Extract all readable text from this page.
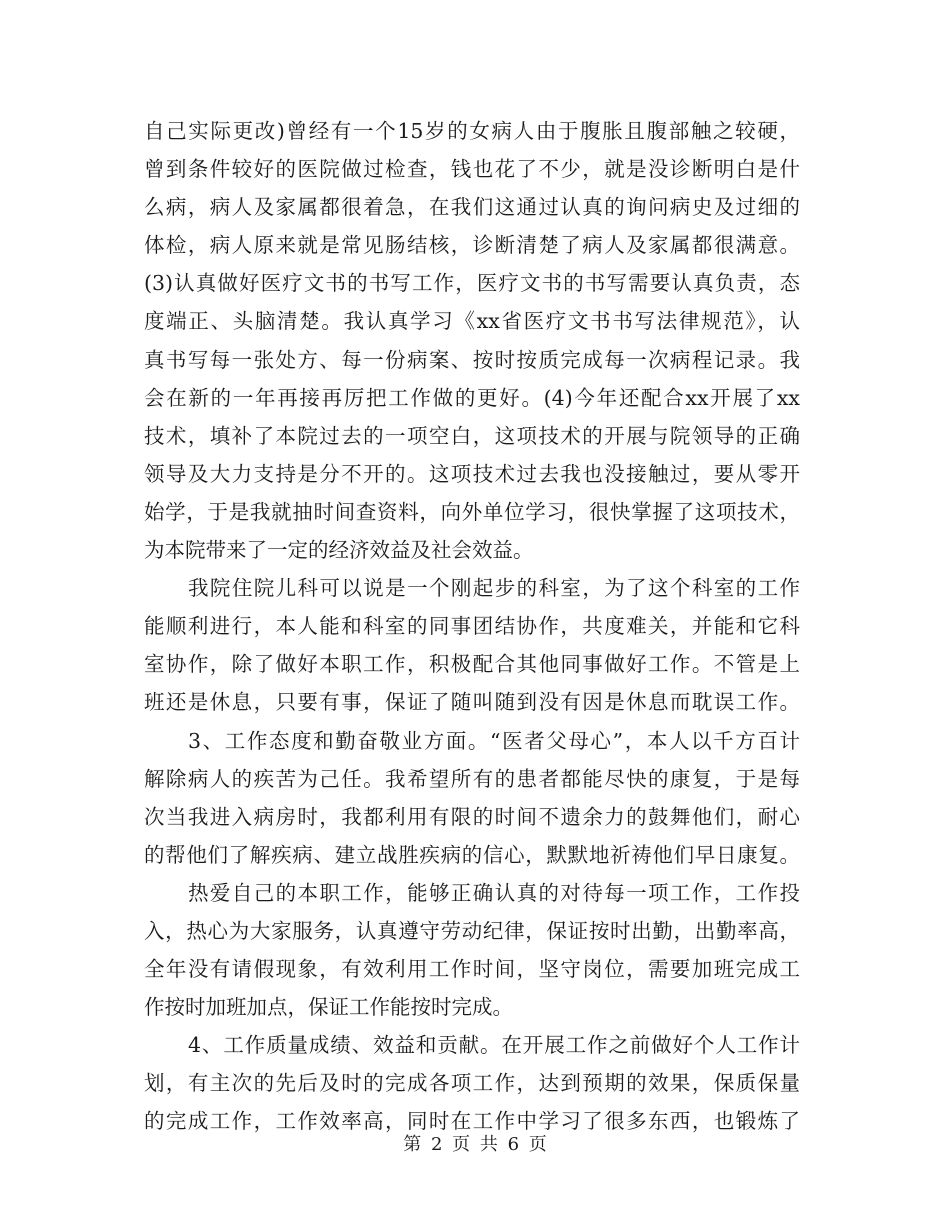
自己实际更改)曾经有一个15岁的女病人由于腹胀且腹部触之较硬，
曾到条件较好的医院做过检查，钱也花了不少，就是没诊断明白是什
么病，病人及家属都很着急，在我们这通过认真的询问病史及过细的
体检，病人原来就是常见肠结核，诊断清楚了病人及家属都很满意。
(3)认真做好医疗文书的书写工作，医疗文书的书写需要认真负责，态
度端正、头脑清楚。我认真学习《xx省医疗文书书写法律规范》，认
真书写每一张处方、每一份病案、按时按质完成每一次病程记录。我
会在新的一年再接再厉把工作做的更好。(4)今年还配合xx开展了xx
技术，填补了本院过去的一项空白，这项技术的开展与院领导的正确
领导及大力支持是分不开的。这项技术过去我也没接触过，要从零开
始学，于是我就抽时间查资料，向外单位学习，很快掌握了这项技术，
为本院带来了一定的经济效益及社会效益。
我院住院儿科可以说是一个刚起步的科室，为了这个科室的工作
能顺利进行，本人能和科室的同事团结协作，共度难关，并能和它科
室协作，除了做好本职工作，积极配合其他同事做好工作。不管是上
班还是休息，只要有事，保证了随叫随到没有因是休息而耽误工作。
3、工作态度和勤奋敬业方面。“医者父母心”，本人以千方百计
解除病人的疾苦为己任。我希望所有的患者都能尽快的康复，于是每
次当我进入病房时，我都利用有限的时间不遗余力的鼓舞他们，耐心
的帮他们了解疾病、建立战胜疾病的信心，默默地祈祷他们早日康复。
热爱自己的本职工作，能够正确认真的对待每一项工作，工作投
入，热心为大家服务，认真遵守劳动纪律，保证按时出勤，出勤率高，
全年没有请假现象，有效利用工作时间，坚守岗位，需要加班完成工
作按时加班加点，保证工作能按时完成。
4、工作质量成绩、效益和贡献。在开展工作之前做好个人工作计
划，有主次的先后及时的完成各项工作，达到预期的效果，保质保量
的完成工作，工作效率高，同时在工作中学习了很多东西，也锻炼了
第 2 页 共 6 页
